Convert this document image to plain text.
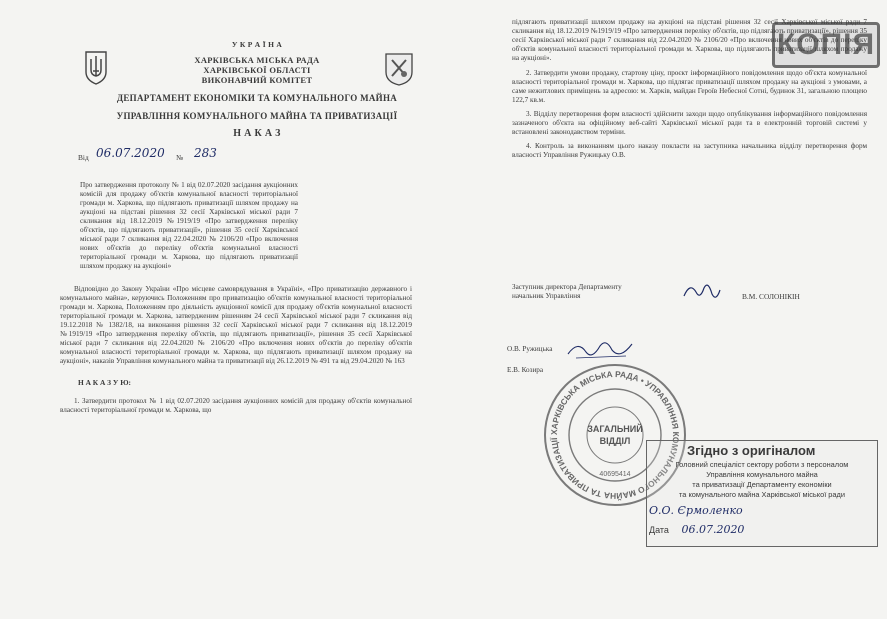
У К Р А Ї Н А
ХАРКІВСЬКА МІСЬКА РАДА
ХАРКІВСЬКОЇ ОБЛАСТІ
ВИКОНАВЧИЙ КОМІТЕТ
ДЕПАРТАМЕНТ ЕКОНОМІКИ ТА КОМУНАЛЬНОГО МАЙНА
УПРАВЛІННЯ КОМУНАЛЬНОГО МАЙНА ТА ПРИВАТИЗАЦІЇ
Н А К А З
Від 06.07.2020 № 283
Про затвердження протоколу № 1 від 02.07.2020 засідання аукціонних комісій для продажу об'єктів комунальної власності територіальної громади м. Харкова, що підлягають приватизації шляхом продажу на аукціоні на підставі рішення 32 сесії Харківської міської ради 7 скликання від 18.12.2019 №1919/19 «Про затвердження переліку об'єктів, що підлягають приватизації», рішення 35 сесії Харківської міської ради 7 скликання від 22.04.2020 № 2106/20 «Про включення нових об'єктів до переліку об'єктів комунальної власності територіальної громади м. Харкова, що підлягають приватизації шляхом продажу на аукціоні»
Відповідно до Закону України «Про місцеве самоврядування в Україні», «Про приватизацію державного і комунального майна», керуючись Положенням про приватизацію об'єктів комунальної власності територіальної громади м. Харкова, Положенням про діяльність аукціонної комісії для продажу об'єктів комунальної власності територіальної громади м. Харкова, затвердженим рішенням 24 сесії Харківської міської ради 7 скликання від 19.12.2018 № 1382/18, на виконання рішення 32 сесії Харківської міської ради 7 скликання від 18.12.2019 №1919/19 «Про затвердження переліку об'єктів, що підлягають приватизації», рішення 35 сесії Харківської міської ради 7 скликання від 22.04.2020 № 2106/20 «Про включення нових об'єктів до переліку об'єктів комунальної власності територіальної громади м. Харкова, що підлягають приватизації шляхом продажу на аукціоні», наказів Управління комунального майна та приватизації від 26.12.2019 № 491 та від 29.04.2020 № 163
Н А К А З У Ю:
1. Затвердити протокол № 1 від 02.07.2020 засідання аукціонних комісій для продажу об'єктів комунальної власності територіальної громади м. Харкова, що
КОПІЯ
підлягають приватизації шляхом продажу на аукціоні на підставі рішення 32 сесії Харківської міської ради 7 скликання від 18.12.2019 №1919/19 «Про затвердження переліку об'єктів, що підлягають приватизації», рішення 35 сесії Харківської міської ради 7 скликання від 22.04.2020 № 2106/20 «Про включення нових об'єктів до переліку об'єктів комунальної власності територіальної громади м. Харкова, що підлягають приватизації шляхом продажу на аукціоні».
2. Затвердити умови продажу, стартову ціну, проєкт інформаційного повідомлення щодо об'єкта комунальної власності територіальної громади м. Харкова, що підлягає приватизації шляхом продажу на аукціоні з умовами, а саме нежитлових приміщень за адресою: м. Харків, майдан Героїв Небесної Сотні, будинок 31, загальною площею 122,7 кв.м.
3. Відділу перетворення форм власності здійснити заходи щодо опублікування інформаційного повідомлення зазначеного об'єкта на офіційному веб-сайті Харківської міської ради та в електронній торговій системі у встановлені законодавством терміни.
4. Контроль за виконанням цього наказу покласти на заступника начальника відділу перетворення форм власності Управління Ружицьку О.В.
Заступник директора Департаменту
начальник Управління	В.М. СОЛОНІКІН
О.В. Ружицька
Е.В. Козира
ХАРКІВСЬКА МІСЬКА РАДА • УПРАВЛІННЯ КОМУНАЛЬНОГО МАЙНА ТА ПРИВАТИЗАЦІЇ
ЗАГАЛЬНИЙ
ВІДДІЛ
40695414
Згідно з оригіналом
Головний спеціаліст сектору роботи з персоналом
Управління комунального майна
та приватизації Департаменту економіки
та комунального майна Харківської міської ради
О.О. Єрмоленко
Дата 06.07.2020
